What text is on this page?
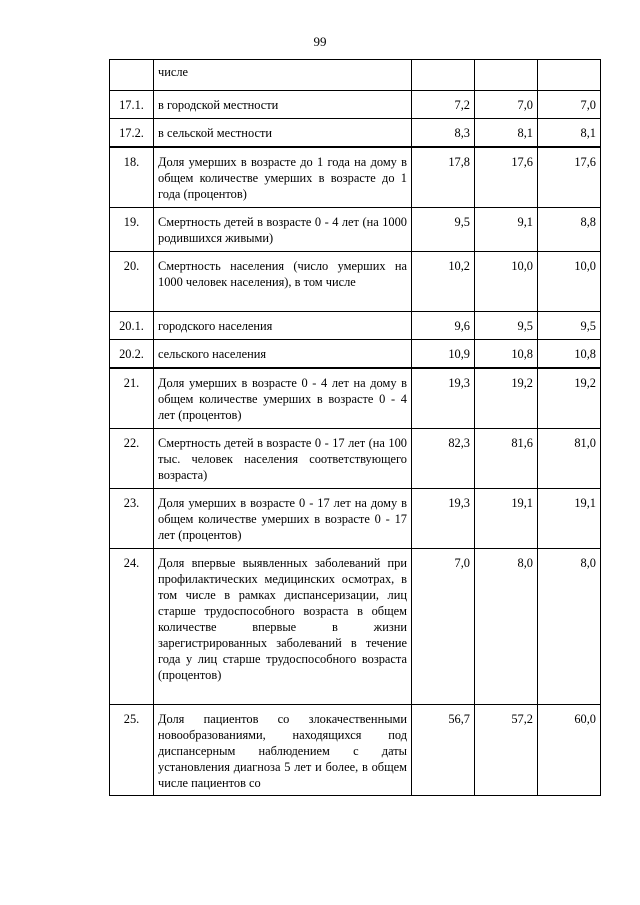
99
	числе			
17.1.	в городской местности	7,2	7,0	7,0
17.2.	в сельской местности	8,3	8,1	8,1
18.	Доля умерших в возрасте до 1 года на дому в общем количестве умерших в возрасте до 1 года (процентов)	17,8	17,6	17,6
19.	Смертность детей в возрасте 0 - 4 лет (на 1000 родившихся живыми)	9,5	9,1	8,8
20.	Смертность населения (число умерших на 1000 человек населения), в том числе	10,2	10,0	10,0
20.1.	городского населения	9,6	9,5	9,5
20.2.	сельского населения	10,9	10,8	10,8
21.	Доля умерших в возрасте 0 - 4 лет на дому в общем количестве умерших в возрасте 0 - 4 лет (процентов)	19,3	19,2	19,2
22.	Смертность детей в возрасте 0 - 17 лет (на 100 тыс. человек населения соответствующего возраста)	82,3	81,6	81,0
23.	Доля умерших в возрасте 0 - 17 лет на дому в общем количестве умерших в возрасте 0 - 17 лет (процентов)	19,3	19,1	19,1
24.	Доля впервые выявленных заболеваний при профилактических медицинских осмотрах, в том числе в рамках диспансеризации, лиц старше трудоспособного возраста в общем количестве впервые в жизни зарегистрированных заболеваний в течение года у лиц старше трудоспособного возраста (процентов)	7,0	8,0	8,0
25.	Доля пациентов со злокачественными новообразованиями, находящихся под диспансерным наблюдением с даты установления диагноза 5 лет и более, в общем числе пациентов со	56,7	57,2	60,0
